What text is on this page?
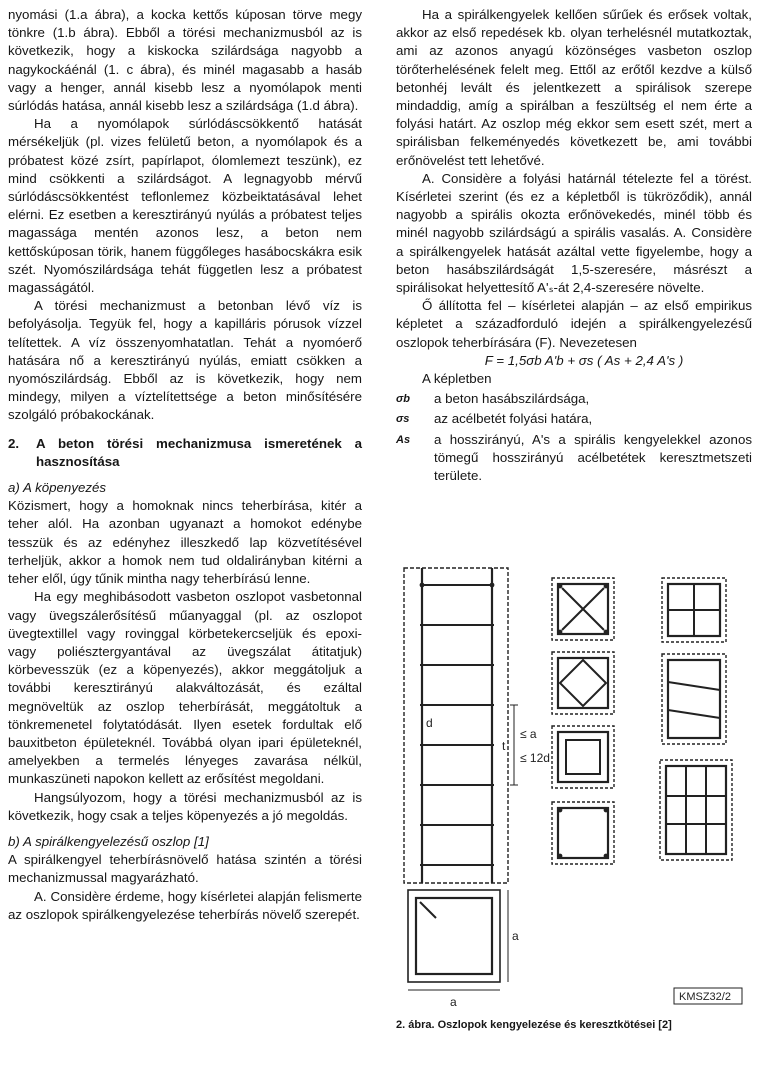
nyomási (1.a ábra), a kocka kettős kúposan törve megy tönkre (1.b ábra). Ebből a törési mechanizmusból az is következik, hogy a kiskocka szilárdsága nagyobb a nagykockáénál (1. c ábra), és minél magasabb a hasáb vagy a henger, annál kisebb lesz a nyomólapok menti súrlódás hatása, annál kisebb lesz a szilárdsága (1.d ábra).

Ha a nyomólapok súrlódáscsökkentő hatását mérsékeljük (pl. vizes felületű beton, a nyomólapok és a próbatest közé zsírt, papírlapot, ólomlemezt teszünk), ez mind csökkenti a szilárdságot. A legnagyobb mérvű súrlódáscsökkentést teflonlemez közbeiktatásával lehet elérni. Ez esetben a keresztirányú nyúlás a próbatest teljes magassága mentén azonos lesz, a beton nem kettőskúposan törik, hanem függőleges hasábocskákra esik szét. Nyomószilárdsága tehát független lesz a próbatest magasságától.

A törési mechanizmust a betonban lévő víz is befolyásolja. Tegyük fel, hogy a kapilláris pórusok vízzel telítettek. A víz összenyomhatatlan. Tehát a nyomóerő hatására nő a keresztirányú nyúlás, emiatt csökken a nyomószilárdság. Ebből az is következik, hogy nem mindegy, milyen a víztelítettsége a beton minősítésére szolgáló próbakockának.

2.	A beton törési mechanizmusa ismeretének a hasznosítása

a) A köpenyezés

Közismert, hogy a homoknak nincs teherbírása, kitér a teher alól. Ha azonban ugyanazt a homokot edénybe tesszük és az edényhez illeszkedő lap közvetítésével terheljük, akkor a homok nem tud oldalirányban kitérni a teher elől, úgy tűnik mintha nagy teherbírású lenne.

Ha egy meghibásodott vasbeton oszlopot vasbetonnal vagy üvegszálerősítésű műanyaggal (pl. az oszlopot üvegtextillel vagy rovinggal körbetekercseljük és epoxi- vagy poliésztergyantával az üvegszálat átitatjuk) körbevesszük (ez a köpenyezés), akkor meggátoljuk a további keresztirányú alakváltozását, és ezáltal megnöveltük az oszlop teherbírását, meggátoltuk a tönkremenetel folytatódását. Ilyen esetek fordultak elő bauxitbeton épületeknél. Továbbá olyan ipari épületeknél, amelyekben a termelés lényeges zavarása nélkül, munkaszüneti napokon kellett az erősítést megoldani.

Hangsúlyozom, hogy a törési mechanizmusból az is következik, hogy csak a teljes köpenyezés a jó megoldás.

b) A spirálkengyelezésű oszlop [1]

A spirálkengyel teherbírásnövelő hatása szintén a törési mechanizmussal magyarázható.

A. Considère érdeme, hogy kísérletei alapján felismerte az oszlopok spirálkengyelezése teherbírás növelő szerepét.

Ha a spirálkengyelek kellően sűrűek és erősek voltak, akkor az első repedések kb. olyan terhelésnél mutatkoztak, ami az azonos anyagú közönséges vasbeton oszlop törőterhelésének felelt meg. Ettől az erőtől kezdve a külső betonhéj levált és jelentkezett a spirálisok szerepe mindaddig, amíg a spirálban a feszültség el nem érte a folyási határt. Az oszlop még ekkor sem esett szét, mert a spirálisban felkeményedés következett be, ami további erőnövelést tett lehetővé.

A. Considère a folyási határnál tételezte fel a törést. Kísérletei szerint (és ez a képletből is tükröződik), annál nagyobb a spirális okozta erőnövekedés, minél több és minél nagyobb szilárdságú a spirális vasalás. A. Considère a spirálkengyelek hatását azáltal vette figyelembe, hogy a beton hasábszilárdságát 1,5-szeresére, másrészt a spirálisokat helyettesítő A'ₛ-át 2,4-szeresére növelte.

Ő állította fel – kísérletei alapján – az első empirikus képletet a századforduló idején a spirálkengyelezésű oszlopok teherbírására (F). Nevezetesen

F = 1,5σb A'b + σs ( As + 2,4 A's )

A képletben

σb	a beton hasábszilárdsága,

σs	az acélbetét folyási határa,

As	a hosszirányú, A's a spirális kengyelekkel azonos tömegű hosszirányú acélbetétek keresztmetszeti területe.

d
t
≤ a
≤ 12d
a
a	KMSZ32/2
2. ábra. Oszlopok kengyelezése és keresztkötései [2]
